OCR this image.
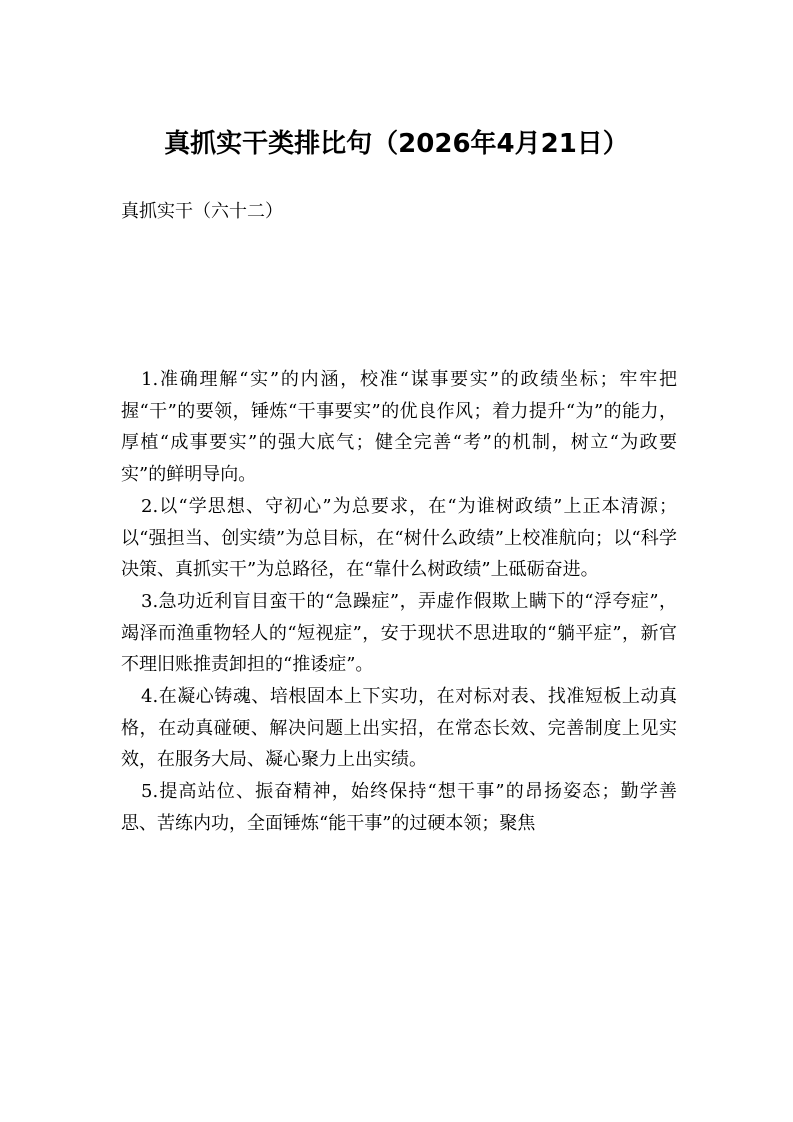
真抓实干类排比句（2026年4月21日）

真抓实干（六十二）

1.准确理解“实”的内涵，校准“谋事要实”的政绩坐标；牢牢把握“干”的要领，锤炼“干事要实”的优良作风；着力提升“为”的能力，厚植“成事要实”的强大底气；健全完善“考”的机制，树立“为政要实”的鲜明导向。

2.以“学思想、守初心”为总要求，在“为谁树政绩”上正本清源；以“强担当、创实绩”为总目标，在“树什么政绩”上校准航向；以“科学决策、真抓实干”为总路径，在“靠什么树政绩”上砥砺奋进。

3.急功近利盲目蛮干的“急躁症”，弄虚作假欺上瞒下的“浮夸症”，竭泽而渔重物轻人的“短视症”，安于现状不思进取的“躺平症”，新官不理旧账推责卸担的“推诿症”。

4.在凝心铸魂、培根固本上下实功，在对标对表、找准短板上动真格，在动真碰硬、解决问题上出实招，在常态长效、完善制度上见实效，在服务大局、凝心聚力上出实绩。

5.提高站位、振奋精神，始终保持“想干事”的昂扬姿态；勤学善思、苦练内功，全面锤炼“能干事”的过硬本领；聚焦
